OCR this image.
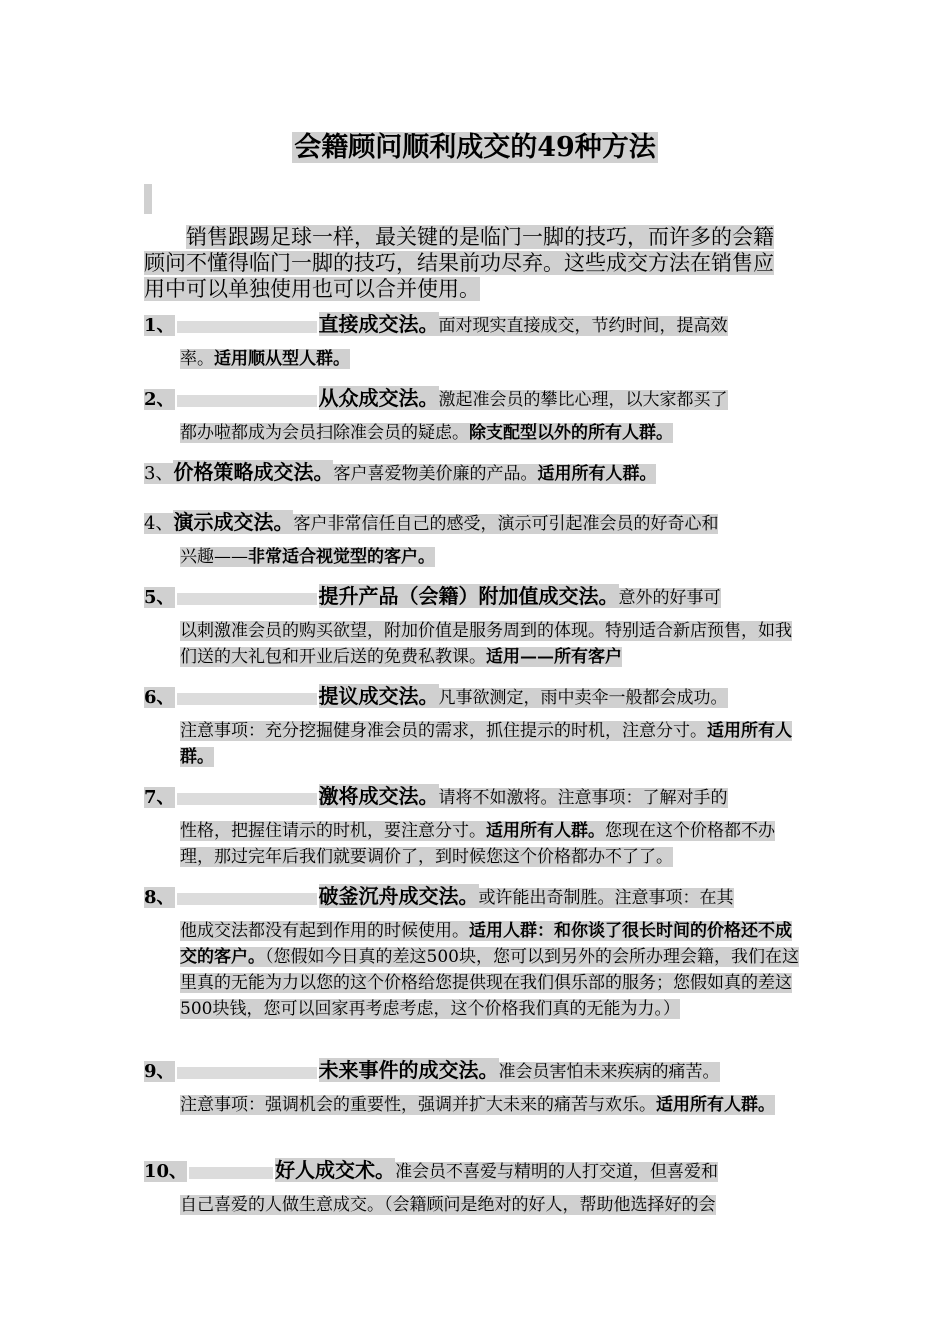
会籍顾问顺利成交的49种方法

销售跟踢足球一样，最关键的是临门一脚的技巧，而许多的会籍顾问不懂得临门一脚的技巧，结果前功尽弃。这些成交方法在销售应用中可以单独使用也可以合并使用。

1、	直接成交法。面对现实直接成交，节约时间，提高效
率。适用顺从型人群。
2、	从众成交法。激起准会员的攀比心理，以大家都买了
都办啦都成为会员扫除准会员的疑虑。除支配型以外的所有人群。
3、价格策略成交法。客户喜爱物美价廉的产品。适用所有人群。
4、演示成交法。客户非常信任自己的感受，演示可引起准会员的好奇心和
兴趣——非常适合视觉型的客户。
5、	提升产品（会籍）附加值成交法。意外的好事可
以刺激准会员的购买欲望，附加价值是服务周到的体现。特别适合新店预售，如我们送的大礼包和开业后送的免费私教课。适用——所有客户
6、	提议成交法。凡事欲测定，雨中卖伞一般都会成功。
注意事项：充分挖掘健身准会员的需求，抓住提示的时机，注意分寸。适用所有人群。
7、	激将成交法。请将不如激将。注意事项：了解对手的
性格，把握住请示的时机，要注意分寸。适用所有人群。您现在这个价格都不办理，那过完年后我们就要调价了，到时候您这个价格都办不了了。
8、	破釜沉舟成交法。或许能出奇制胜。注意事项：在其
他成交法都没有起到作用的时候使用。适用人群：和你谈了很长时间的价格还不成交的客户。（您假如今日真的差这500块，您可以到另外的会所办理会籍，我们在这里真的无能为力以您的这个价格给您提供现在我们俱乐部的服务；您假如真的差这500块钱，您可以回家再考虑考虑，这个价格我们真的无能为力。）
9、	未来事件的成交法。准会员害怕未来疾病的痛苦。
注意事项：强调机会的重要性，强调并扩大未来的痛苦与欢乐。适用所有人群。
10、	好人成交术。准会员不喜爱与精明的人打交道，但喜爱和
自己喜爱的人做生意成交。（会籍顾问是绝对的好人，帮助他选择好的会
